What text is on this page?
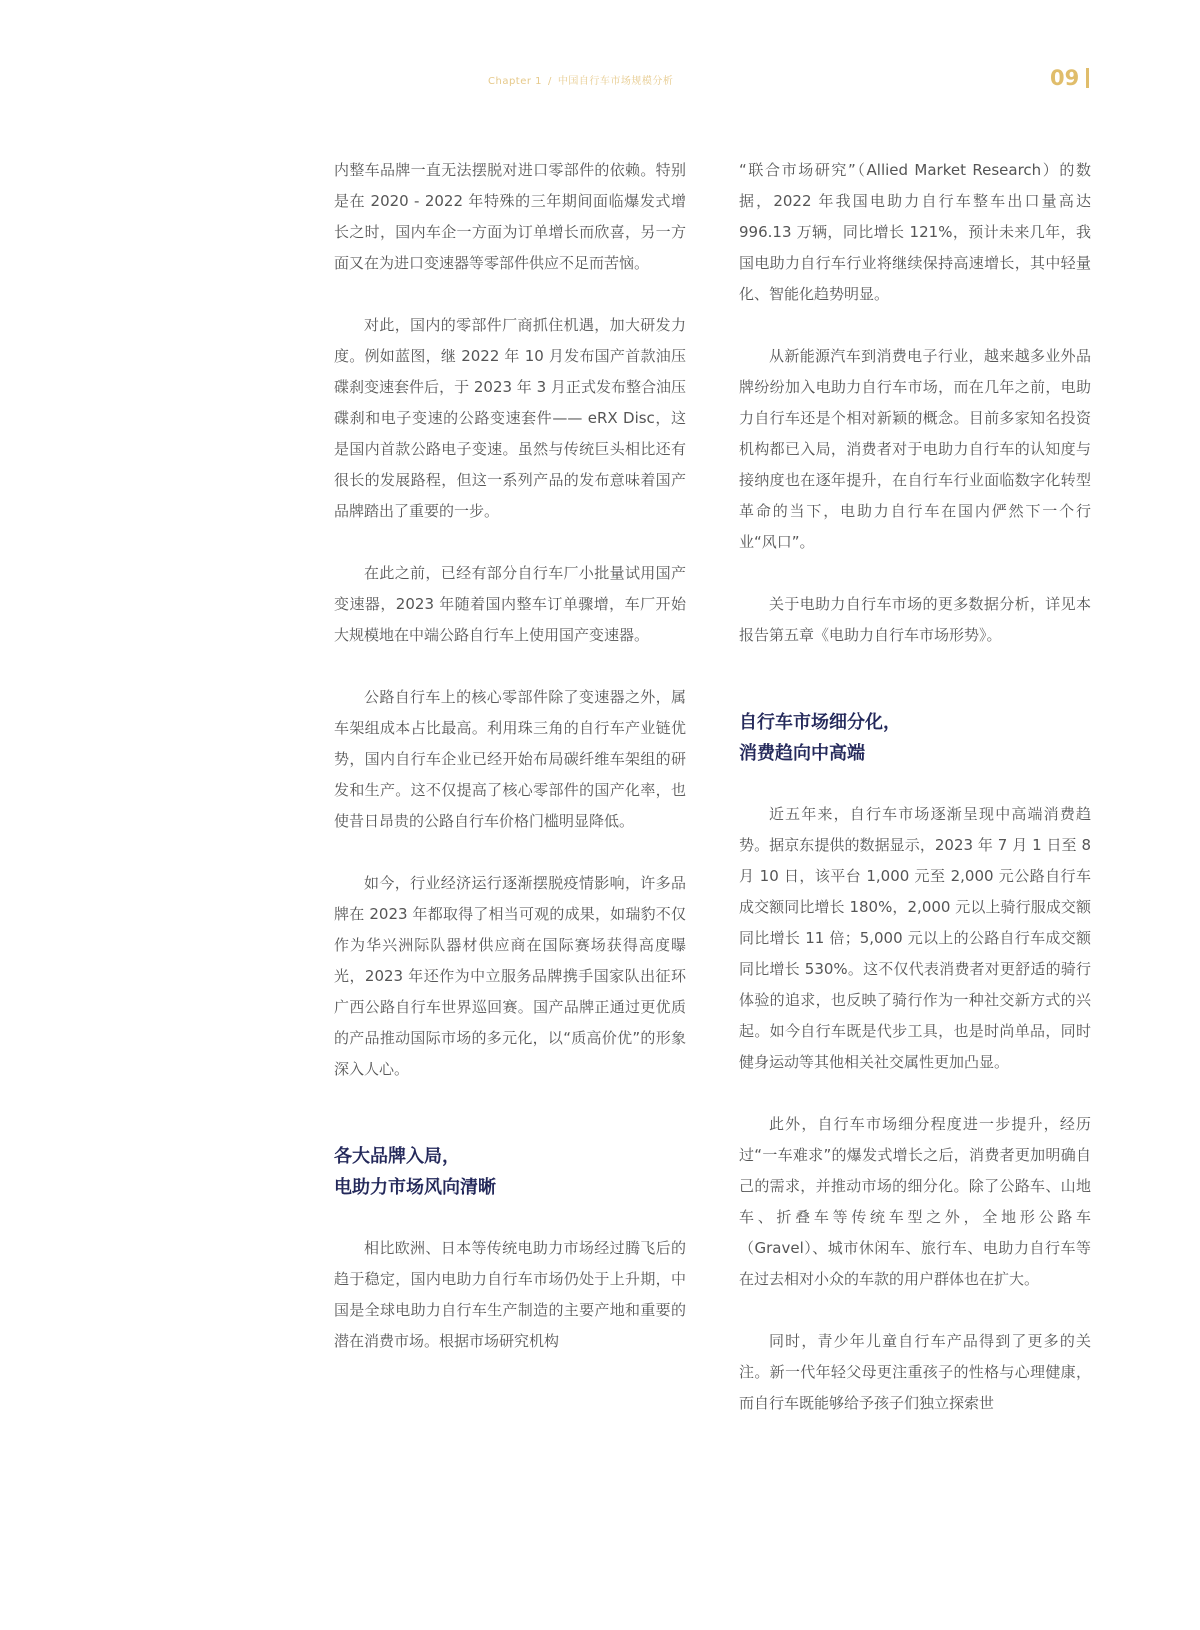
Chapter 1 / 中国自行车市场规模分析	09

内整车品牌一直无法摆脱对进口零部件的依赖。特别是在 2020 - 2022 年特殊的三年期间面临爆发式增长之时，国内车企一方面为订单增长而欣喜，另一方面又在为进口变速器等零部件供应不足而苦恼。

对此，国内的零部件厂商抓住机遇，加大研发力度。例如蓝图，继 2022 年 10 月发布国产首款油压碟刹变速套件后，于 2023 年 3 月正式发布整合油压碟刹和电子变速的公路变速套件—— eRX Disc，这是国内首款公路电子变速。虽然与传统巨头相比还有很长的发展路程，但这一系列产品的发布意味着国产品牌踏出了重要的一步。

在此之前，已经有部分自行车厂小批量试用国产变速器，2023 年随着国内整车订单骤增，车厂开始大规模地在中端公路自行车上使用国产变速器。

公路自行车上的核心零部件除了变速器之外，属车架组成本占比最高。利用珠三角的自行车产业链优势，国内自行车企业已经开始布局碳纤维车架组的研发和生产。这不仅提高了核心零部件的国产化率，也使昔日昂贵的公路自行车价格门槛明显降低。

如今，行业经济运行逐渐摆脱疫情影响，许多品牌在 2023 年都取得了相当可观的成果，如瑞豹不仅作为华兴洲际队器材供应商在国际赛场获得高度曝光，2023 年还作为中立服务品牌携手国家队出征环广西公路自行车世界巡回赛。国产品牌正通过更优质的产品推动国际市场的多元化，以“质高价优”的形象深入人心。

各大品牌入局，
电助力市场风向清晰

相比欧洲、日本等传统电助力市场经过腾飞后的趋于稳定，国内电助力自行车市场仍处于上升期，中国是全球电助力自行车生产制造的主要产地和重要的潜在消费市场。根据市场研究机构

“联合市场研究”（Allied Market Research）的数据，2022 年我国电助力自行车整车出口量高达 996.13 万辆，同比增长 121%，预计未来几年，我国电助力自行车行业将继续保持高速增长，其中轻量化、智能化趋势明显。

从新能源汽车到消费电子行业，越来越多业外品牌纷纷加入电助力自行车市场，而在几年之前，电助力自行车还是个相对新颖的概念。目前多家知名投资机构都已入局，消费者对于电助力自行车的认知度与接纳度也在逐年提升，在自行车行业面临数字化转型革命的当下，电助力自行车在国内俨然下一个行业“风口”。

关于电助力自行车市场的更多数据分析，详见本报告第五章《电助力自行车市场形势》。

自行车市场细分化，
消费趋向中高端

近五年来，自行车市场逐渐呈现中高端消费趋势。据京东提供的数据显示，2023 年 7 月 1 日至 8 月 10 日，该平台 1,000 元至 2,000 元公路自行车成交额同比增长 180%，2,000 元以上骑行服成交额同比增长 11 倍；5,000 元以上的公路自行车成交额同比增长 530%。这不仅代表消费者对更舒适的骑行体验的追求，也反映了骑行作为一种社交新方式的兴起。如今自行车既是代步工具，也是时尚单品，同时健身运动等其他相关社交属性更加凸显。

此外，自行车市场细分程度进一步提升，经历过“一车难求”的爆发式增长之后，消费者更加明确自己的需求，并推动市场的细分化。除了公路车、山地车、折叠车等传统车型之外，全地形公路车（Gravel）、城市休闲车、旅行车、电助力自行车等在过去相对小众的车款的用户群体也在扩大。

同时，青少年儿童自行车产品得到了更多的关注。新一代年轻父母更注重孩子的性格与心理健康，而自行车既能够给予孩子们独立探索世
